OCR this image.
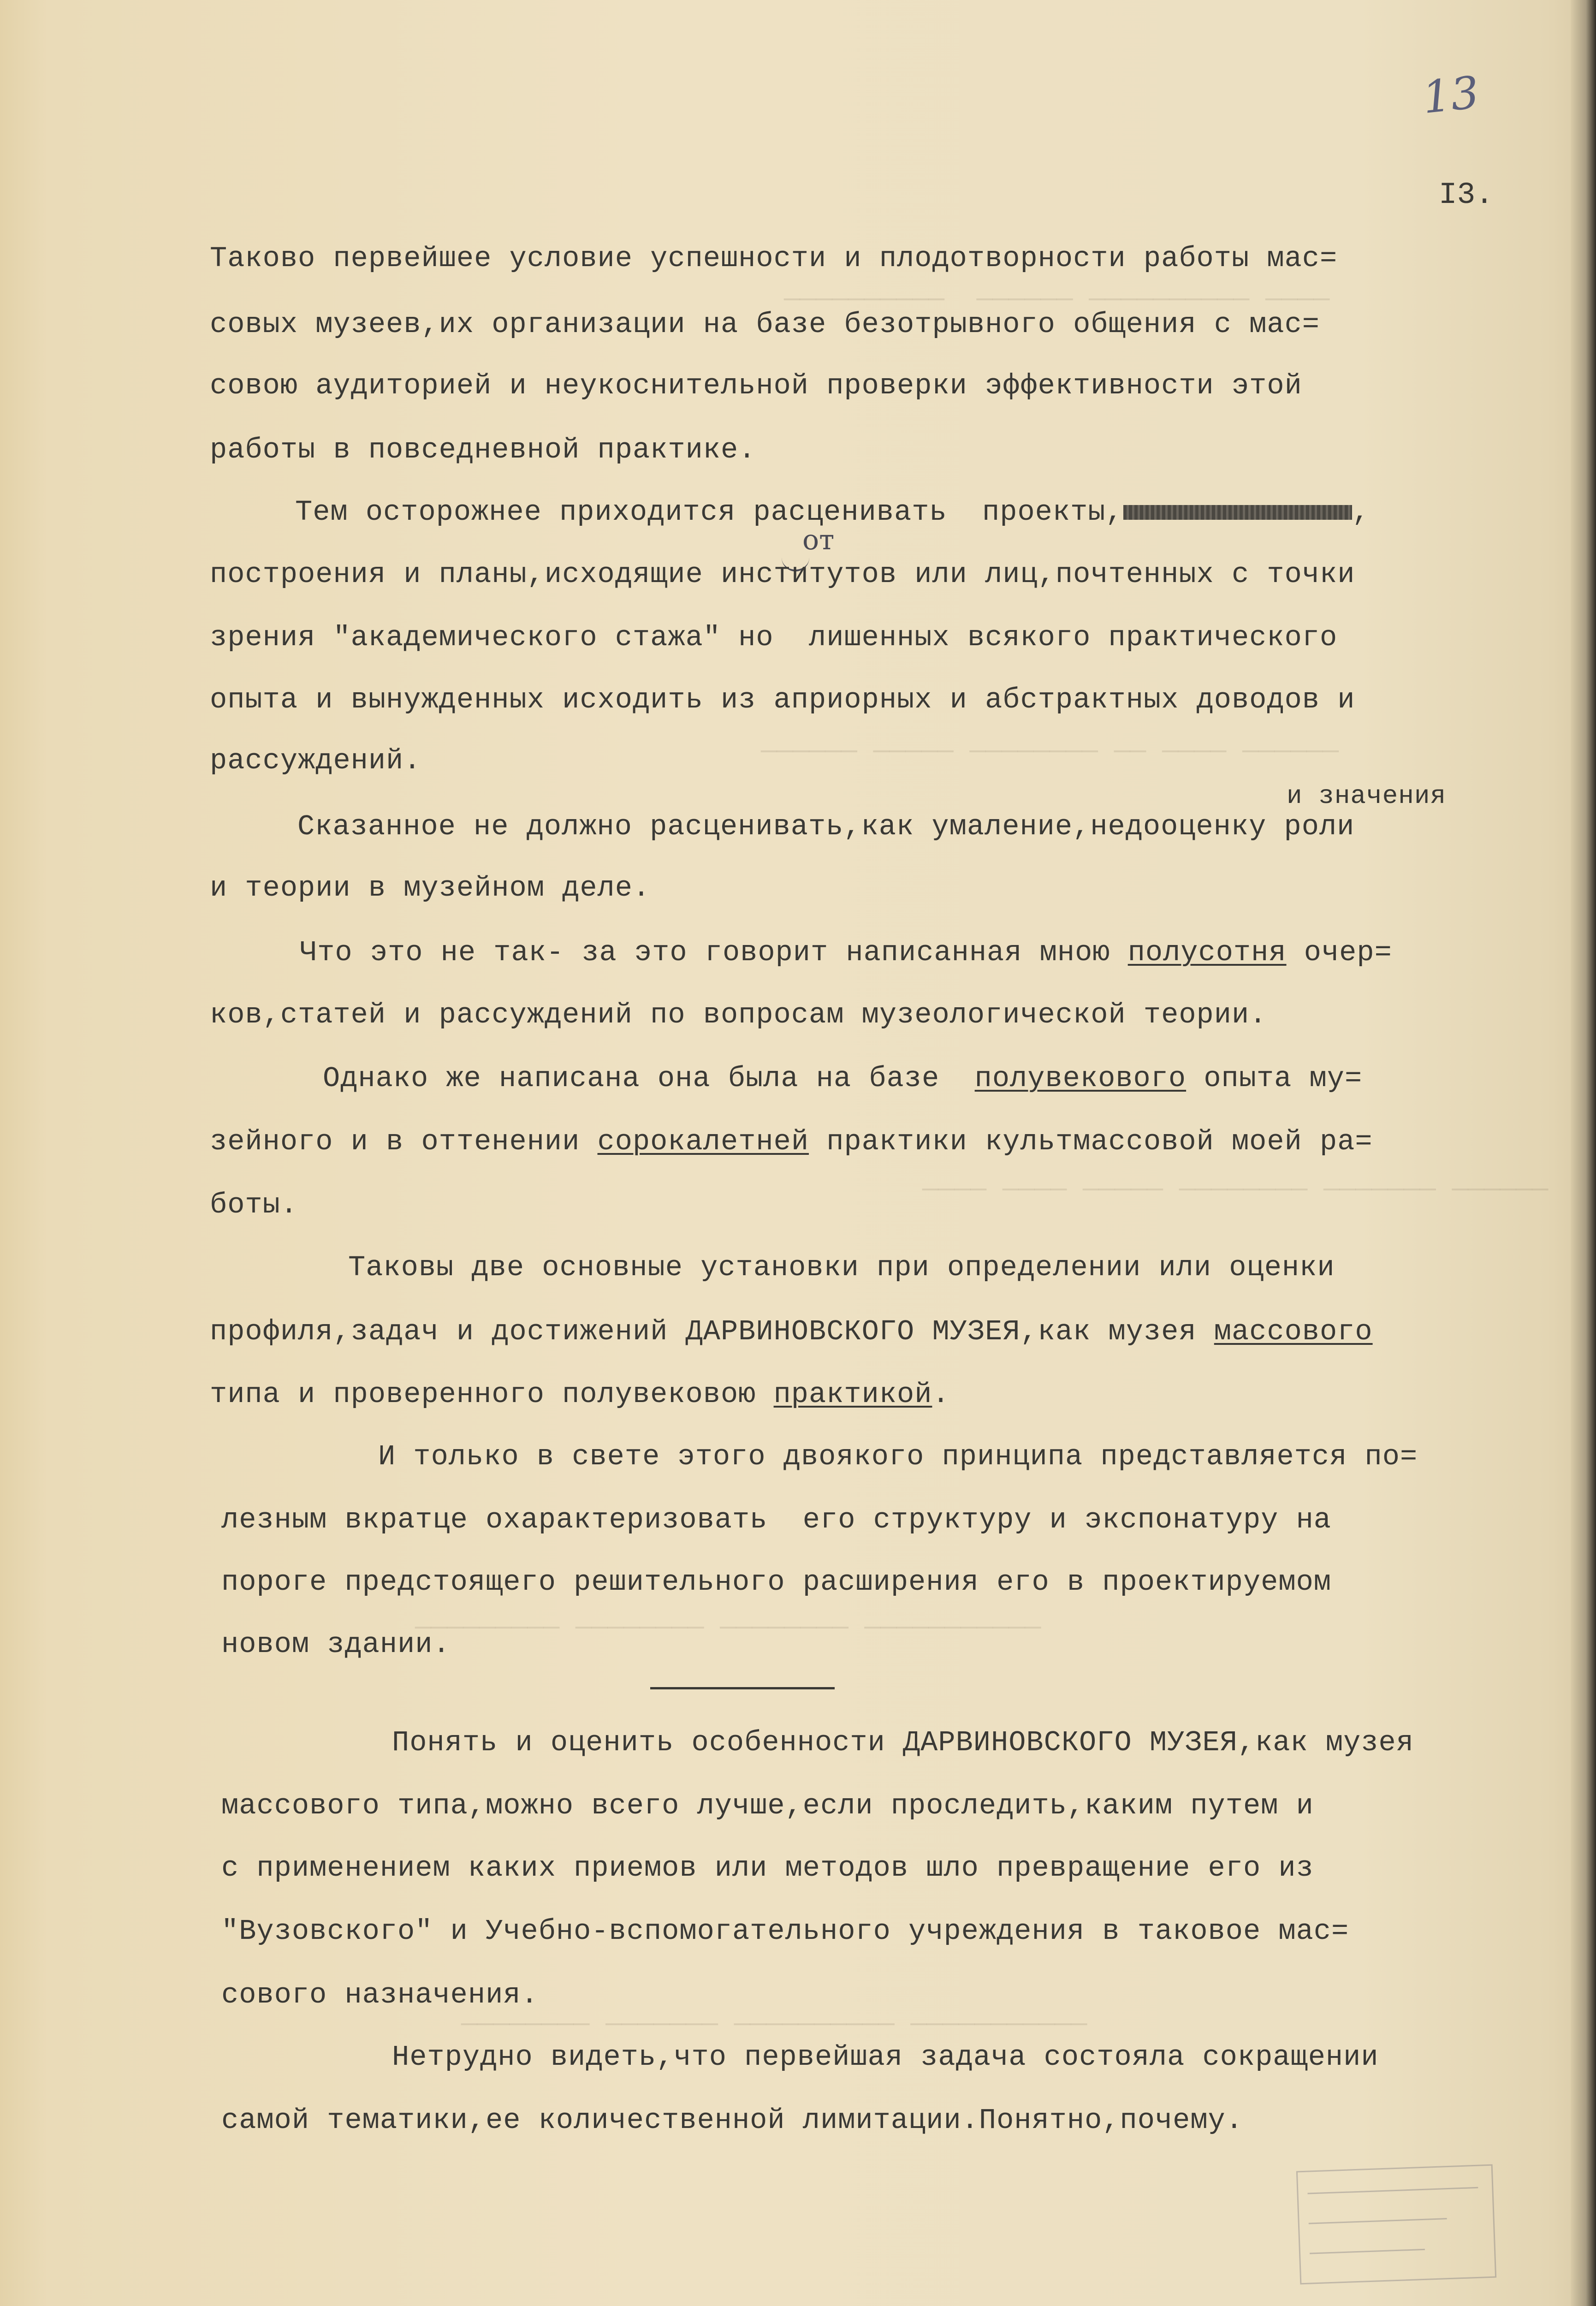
──────────  ────── ────────── ────
────── ───── ──────── ── ──── ──────
──── ──── ───── ──────── ─────── ──────
───────── ──────── ──────── ───────────
──────── ─────── ────────── ───────────
13
I3.
Таково первейшее условие успешности и плодотворности работы мас=
совых музеев,их организации на базе безотрывного общения с мас=
совою аудиторией и неукоснительной проверки эффективности этой
работы в повседневной практике.
Тем осторожнее приходится расценивать  проекты,	,
от
построения и планы,исходящие институтов или лиц,почтенных с точки
зрения "академического стажа" но  лишенных всякого практического
опыта и вынужденных исходить из априорных и абстрактных доводов и
рассуждений.
и значения
Сказанное не должно расценивать,как умаление,недооценку роли
и теории в музейном деле.
Что это не так- за это говорит написанная мною полусотня очер=
ков,статей и рассуждений по вопросам музеологической теории.
Однако же написана она была на базе  полувекового опыта му=
зейного и в оттенении сорокалетней практики культмассовой моей ра=
боты.
Таковы две основные установки при определении или оценки
профиля,задач и достижений ДАРВИНОВСКОГО МУЗЕЯ,как музея массового
типа и проверенного полувековою практикой.
И только в свете этого двоякого принципа представляется по=
лезным вкратце охарактеризовать  его структуру и экспонатуру на
пороге предстоящего решительного расширения его в проектируемом
новом здании.
Понять и оценить особенности ДАРВИНОВСКОГО МУЗЕЯ,как музея
массового типа,можно всего лучше,если проследить,каким путем и
с применением каких приемов или методов шло превращение его из
"Вузовского" и Учебно-вспомогательного учреждения в таковое мас=
сового назначения.
Нетрудно видеть,что первейшая задача состояла сокращении
самой тематики,ее количественной лимитации.Понятно,почему.
